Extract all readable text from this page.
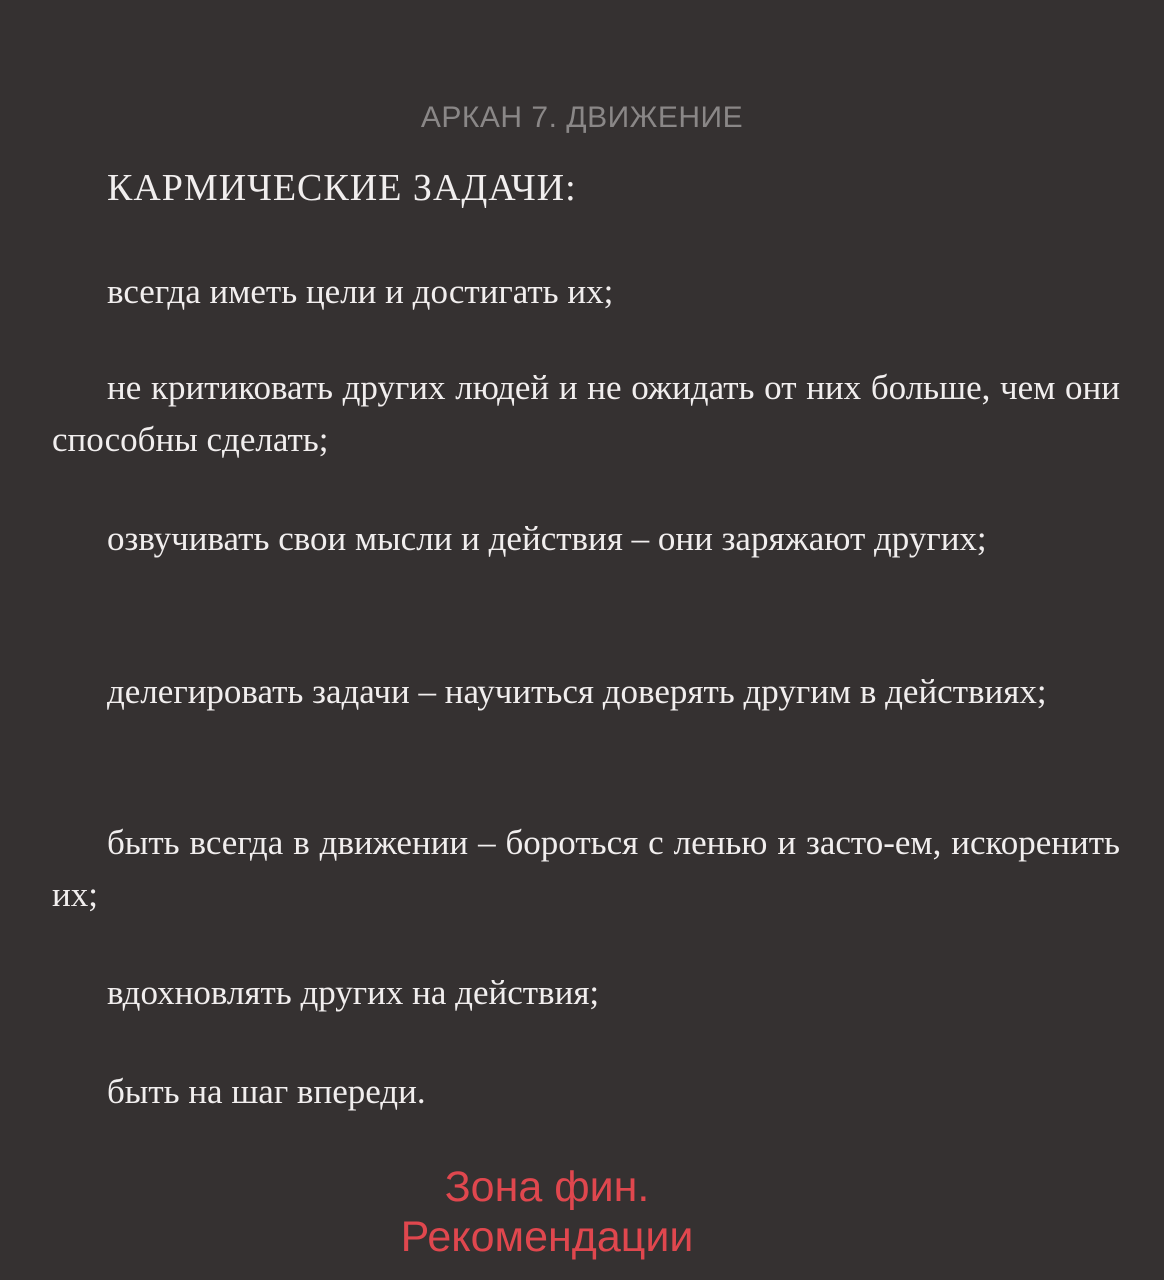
АРКАН 7. ДВИЖЕНИЕ
КАРМИЧЕСКИЕ ЗАДАЧИ:

всегда иметь цели и достигать их;

не критиковать других людей и не ожидать от них больше, чем они способны сделать;

озвучивать свои мысли и действия – они заряжают других;

делегировать задачи – научиться доверять другим в действиях;

быть всегда в движении – бороться с ленью и засто-ем, искоренить их;

вдохновлять других на действия;

быть на шаг впереди.

Зона фин.
Рекомендации
